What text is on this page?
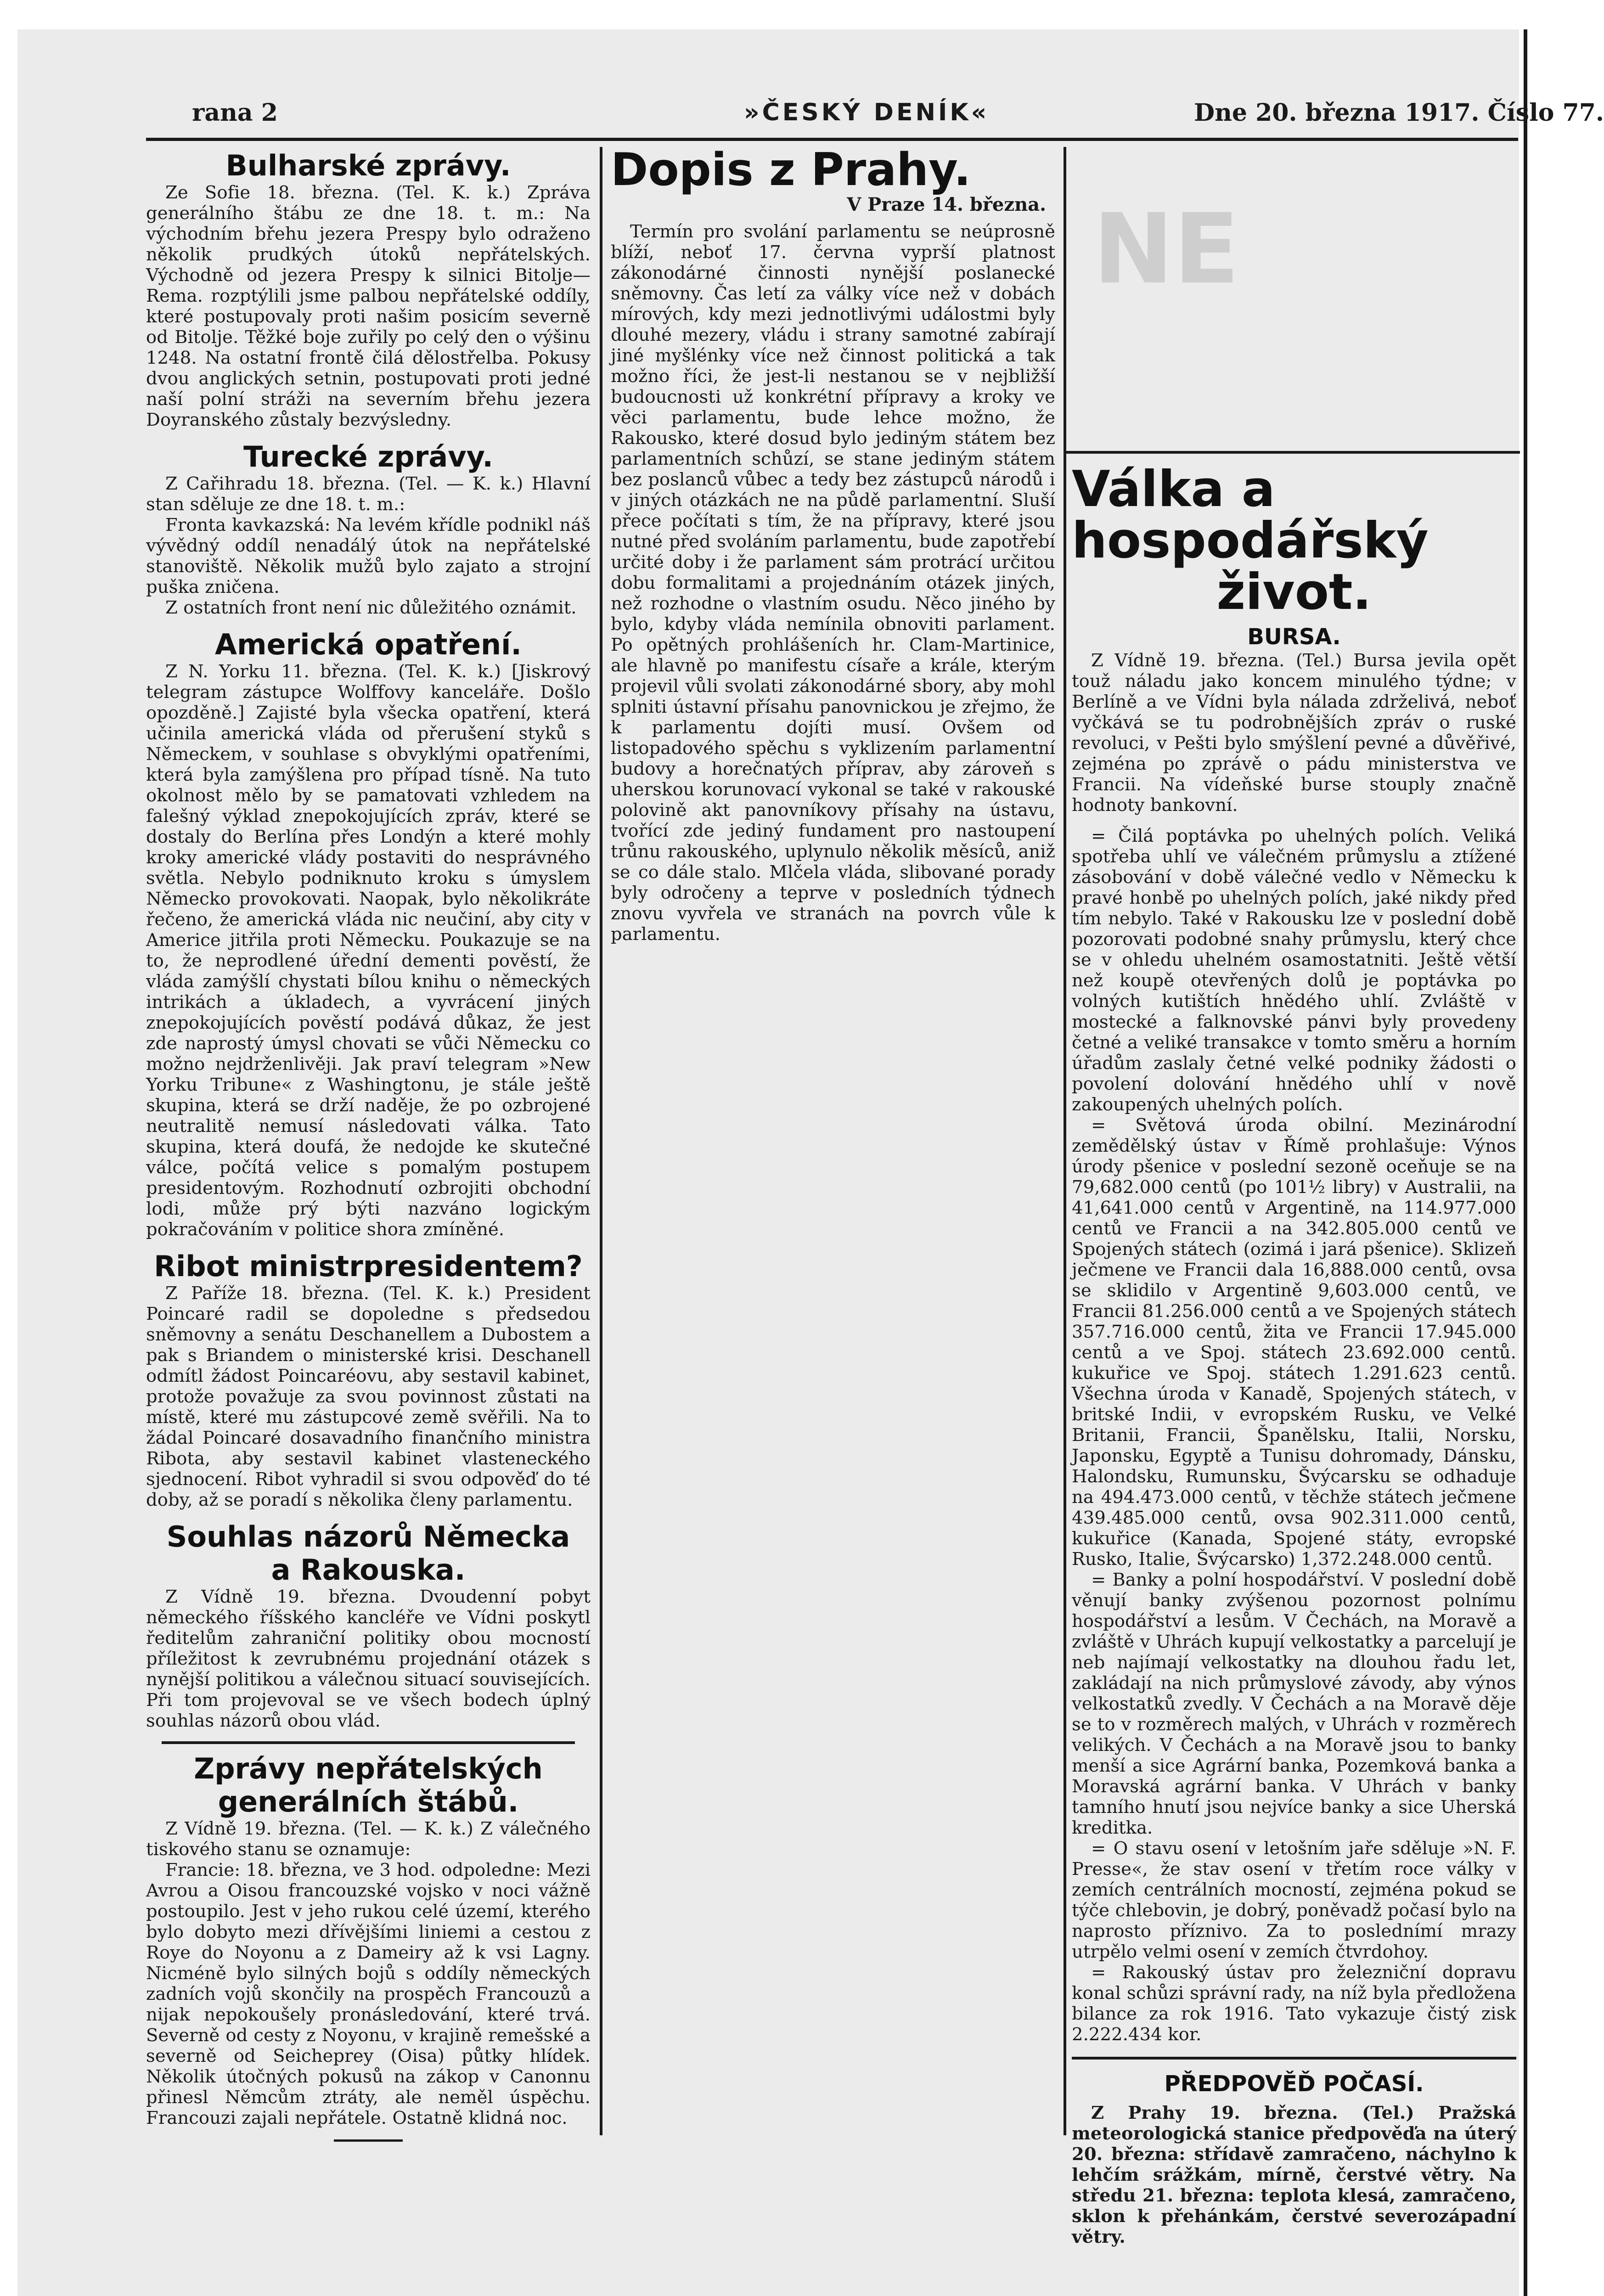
rana 2	»ČESKÝ DENÍK«	Dne 20. března 1917. Číslo 77.
NE
Bulharské zprávy.

Ze Sofie 18. března. (Tel. K. k.) Zpráva generálního štábu ze dne 18. t. m.: Na východním břehu jezera Prespy bylo odraženo několik prudkých útoků nepřátelských. Východně od jezera Prespy k silnici Bitolje—Rema. rozptýlili jsme palbou nepřátelské oddíly, které postupovaly proti našim posicím severně od Bitolje. Těžké boje zuřily po celý den o výšinu 1248. Na ostatní frontě čilá dělostřelba. Pokusy dvou anglických setnin, postupovati proti jedné naší polní stráži na severním břehu jezera Doyranského zůstaly bezvýsledny.

Turecké zprávy.

Z Cařihradu 18. března. (Tel. — K. k.) Hlavní stan sděluje ze dne 18. t. m.:

Fronta kavkazská: Na levém křídle podnikl náš vývědný oddíl nenadálý útok na nepřátelské stanoviště. Několik mužů bylo zajato a strojní puška zničena.

Z ostatních front není nic důležitého oznámit.

Americká opatření.

Z N. Yorku 11. března. (Tel. K. k.) [Jiskrový telegram zástupce Wolffovy kanceláře. Došlo opozděně.] Zajisté byla všecka opatření, která učinila americká vláda od přerušení styků s Německem, v souhlase s obvyklými opatřeními, která byla zamýšlena pro případ tísně. Na tuto okolnost mělo by se pamatovati vzhledem na falešný výklad znepokojujících zpráv, které se dostaly do Berlína přes Londýn a které mohly kroky americké vlády postaviti do nesprávného světla. Nebylo podniknuto kroku s úmyslem Německo provokovati. Naopak, bylo několikráte řečeno, že americká vláda nic neučiní, aby city v Americe jitřila proti Německu. Poukazuje se na to, že neprodlené úřední dementi pověstí, že vláda zamýšlí chystati bílou knihu o německých intrikách a úkladech, a vyvrácení jiných znepokojujících pověstí podává důkaz, že jest zde naprostý úmysl chovati se vůči Německu co možno nejdrženlivěji. Jak praví telegram »New Yorku Tribune« z Washingtonu, je stále ještě skupina, která se drží naděje, že po ozbrojené neutralitě nemusí následovati válka. Tato skupina, která doufá, že nedojde ke skutečné válce, počítá velice s pomalým postupem presidentovým. Rozhodnutí ozbrojiti obchodní lodi, může prý býti nazváno logickým pokračováním v politice shora zmíněné.

Ribot ministrpresidentem?

Z Paříže 18. března. (Tel. K. k.) President Poincaré radil se dopoledne s předsedou sněmovny a senátu Deschanellem a Dubostem a pak s Briandem o ministerské krisi. Deschanell odmítl žádost Poincaréovu, aby sestavil kabinet, protože považuje za svou povinnost zůstati na místě, které mu zástupcové země svěřili. Na to žádal Poincaré dosavadního finančního ministra Ribota, aby sestavil kabinet vlasteneckého sjednocení. Ribot vyhradil si svou odpověď do té doby, až se poradí s několika členy parlamentu.

Souhlas názorů Německa
a Rakouska.

Z Vídně 19. března. Dvoudenní pobyt německého říšského kancléře ve Vídni poskytl ředitelům zahraniční politiky obou mocností příležitost k zevrubnému projednání otázek s nynější politikou a válečnou situací souvisejících. Při tom projevoval se ve všech bodech úplný souhlas názorů obou vlád.

Zprávy nepřátelských
generálních štábů.

Z Vídně 19. března. (Tel. — K. k.) Z válečného tiskového stanu se oznamuje:

Francie: 18. března, ve 3 hod. odpoledne: Mezi Avrou a Oisou francouzské vojsko v noci vážně postoupilo. Jest v jeho rukou celé území, kterého bylo dobyto mezi dřívějšími liniemi a cestou z Roye do Noyonu a z Dameiry až k vsi Lagny. Nicméně bylo silných bojů s oddíly německých zadních vojů skončily na prospěch Francouzů a nijak nepokoušely pronásledování, které trvá. Severně od cesty z Noyonu, v krajině remešské a severně od Seicheprey (Oisa) půtky hlídek. Několik útočných pokusů na zákop v Canonnu přinesl Němcům ztráty, ale neměl úspěchu. Francouzi zajali nepřátele. Ostatně klidná noc.

Dopis z Prahy.

V Praze 14. března.

Termín pro svolání parlamentu se neúprosně blíží, neboť 17. června vyprší platnost zákonodárné činnosti nynější poslanecké sněmovny. Čas letí za války více než v dobách mírových, kdy mezi jednotlivými událostmi byly dlouhé mezery, vládu i strany samotné zabírají jiné myšlénky více než činnost politická a tak možno říci, že jest-li nestanou se v nejbližší budoucnosti už konkrétní přípravy a kroky ve věci parlamentu, bude lehce možno, že Rakousko, které dosud bylo jediným státem bez parlamentních schůzí, se stane jediným státem bez poslanců vůbec a tedy bez zástupců národů i v jiných otázkách ne na půdě parlamentní. Sluší přece počítati s tím, že na přípravy, které jsou nutné před svoláním parlamentu, bude zapotřebí určité doby i že parlament sám protrácí určitou dobu formalitami a projednáním otázek jiných, než rozhodne o vlastním osudu. Něco jiného by bylo, kdyby vláda nemínila obnoviti parlament. Po opětných prohlášeních hr. Clam-Martinice, ale hlavně po manifestu císaře a krále, kterým projevil vůli svolati zákonodárné sbory, aby mohl splniti ústavní přísahu panovnickou je zřejmo, že k parlamentu dojíti musí. Ovšem od listopadového spěchu s vyklizením parlamentní budovy a horečnatých příprav, aby zároveň s uherskou korunovací vykonal se také v rakouské polovině akt panovníkovy přísahy na ústavu, tvořící zde jediný fundament pro nastoupení trůnu rakouského, uplynulo několik měsíců, aniž se co dále stalo. Mlčela vláda, slibované porady byly odročeny a teprve v posledních týdnech znovu vyvřela ve stranách na povrch vůle k parlamentu.

Válka a hospodářský
život.
BURSA.

Z Vídně 19. března. (Tel.) Bursa jevila opět touž náladu jako koncem minulého týdne; v Berlíně a ve Vídni byla nálada zdrželivá, neboť vyčkává se tu podrobnějších zpráv o ruské revoluci, v Pešti bylo smýšlení pevné a důvěřivé, zejména po zprávě o pádu ministerstva ve Francii. Na vídeňské burse stouply značně hodnoty bankovní.

= Čilá poptávka po uhelných polích. Veliká spotřeba uhlí ve válečném průmyslu a ztížené zásobování v době válečné vedlo v Německu k pravé honbě po uhelných polích, jaké nikdy před tím nebylo. Také v Rakousku lze v poslední době pozorovati podobné snahy průmyslu, který chce se v ohledu uhelném osamostatniti. Ještě větší než koupě otevřených dolů je poptávka po volných kutištích hnědého uhlí. Zvláště v mostecké a falknovské pánvi byly provedeny četné a veliké transakce v tomto směru a horním úřadům zaslaly četné velké podniky žádosti o povolení dolování hnědého uhlí v nově zakoupených uhelných polích.

= Světová úroda obilní. Mezinárodní zemědělský ústav v Římě prohlašuje: Výnos úrody pšenice v poslední sezoně oceňuje se na 79,682.000 centů (po 101½ libry) v Australii, na 41,641.000 centů v Argentině, na 114.977.000 centů ve Francii a na 342.805.000 centů ve Spojených státech (ozimá i jará pšenice). Sklizeň ječmene ve Francii dala 16,888.000 centů, ovsa se sklidilo v Argentině 9,603.000 centů, ve Francii 81.256.000 centů a ve Spojených státech 357.716.000 centů, žita ve Francii 17.945.000 centů a ve Spoj. státech 23.692.000 centů. kukuřice ve Spoj. státech 1.291.623 centů. Všechna úroda v Kanadě, Spojených státech, v britské Indii, v evropském Rusku, ve Velké Britanii, Francii, Španělsku, Italii, Norsku, Japonsku, Egyptě a Tunisu dohromady, Dánsku, Halondsku, Rumunsku, Švýcarsku se odhaduje na 494.473.000 centů, v těchže státech ječmene 439.485.000 centů, ovsa 902.311.000 centů, kukuřice (Kanada, Spojené státy, evropské Rusko, Italie, Švýcarsko) 1,372.248.000 centů.

= Banky a polní hospodářství. V poslední době věnují banky zvýšenou pozornost polnímu hospodářství a lesům. V Čechách, na Moravě a zvláště v Uhrách kupují velkostatky a parcelují je neb najímají velkostatky na dlouhou řadu let, zakládají na nich průmyslové závody, aby výnos velkostatků zvedly. V Čechách a na Moravě děje se to v rozměrech malých, v Uhrách v rozměrech velikých. V Čechách a na Moravě jsou to banky menší a sice Agrární banka, Pozemková banka a Moravská agrární banka. V Uhrách v banky tamního hnutí jsou nejvíce banky a sice Uherská kreditka.

= O stavu osení v letošním jaře sděluje »N. F. Presse«, že stav osení v třetím roce války v zemích centrálních mocností, zejména pokud se týče chlebovin, je dobrý, poněvadž počasí bylo na naprosto příznivo. Za to poslednímí mrazy utrpělo velmi osení v zemích čtvrdohoy.

= Rakouský ústav pro železniční dopravu konal schůzi správní rady, na níž byla předložena bilance za rok 1916. Tato vykazuje čistý zisk 2.222.434 kor.

PŘEDPOVĚĎ POČASÍ.

Z Prahy 19. března. (Tel.) Pražská meteorologická stanice předpověďa na úterý 20. března: střídavě zamračeno, náchylno k lehčím srážkám, mírně, čerstvé větry. Na středu 21. března: teplota klesá, zamračeno, sklon k přehánkám, čerstvé severozápadní větry.
